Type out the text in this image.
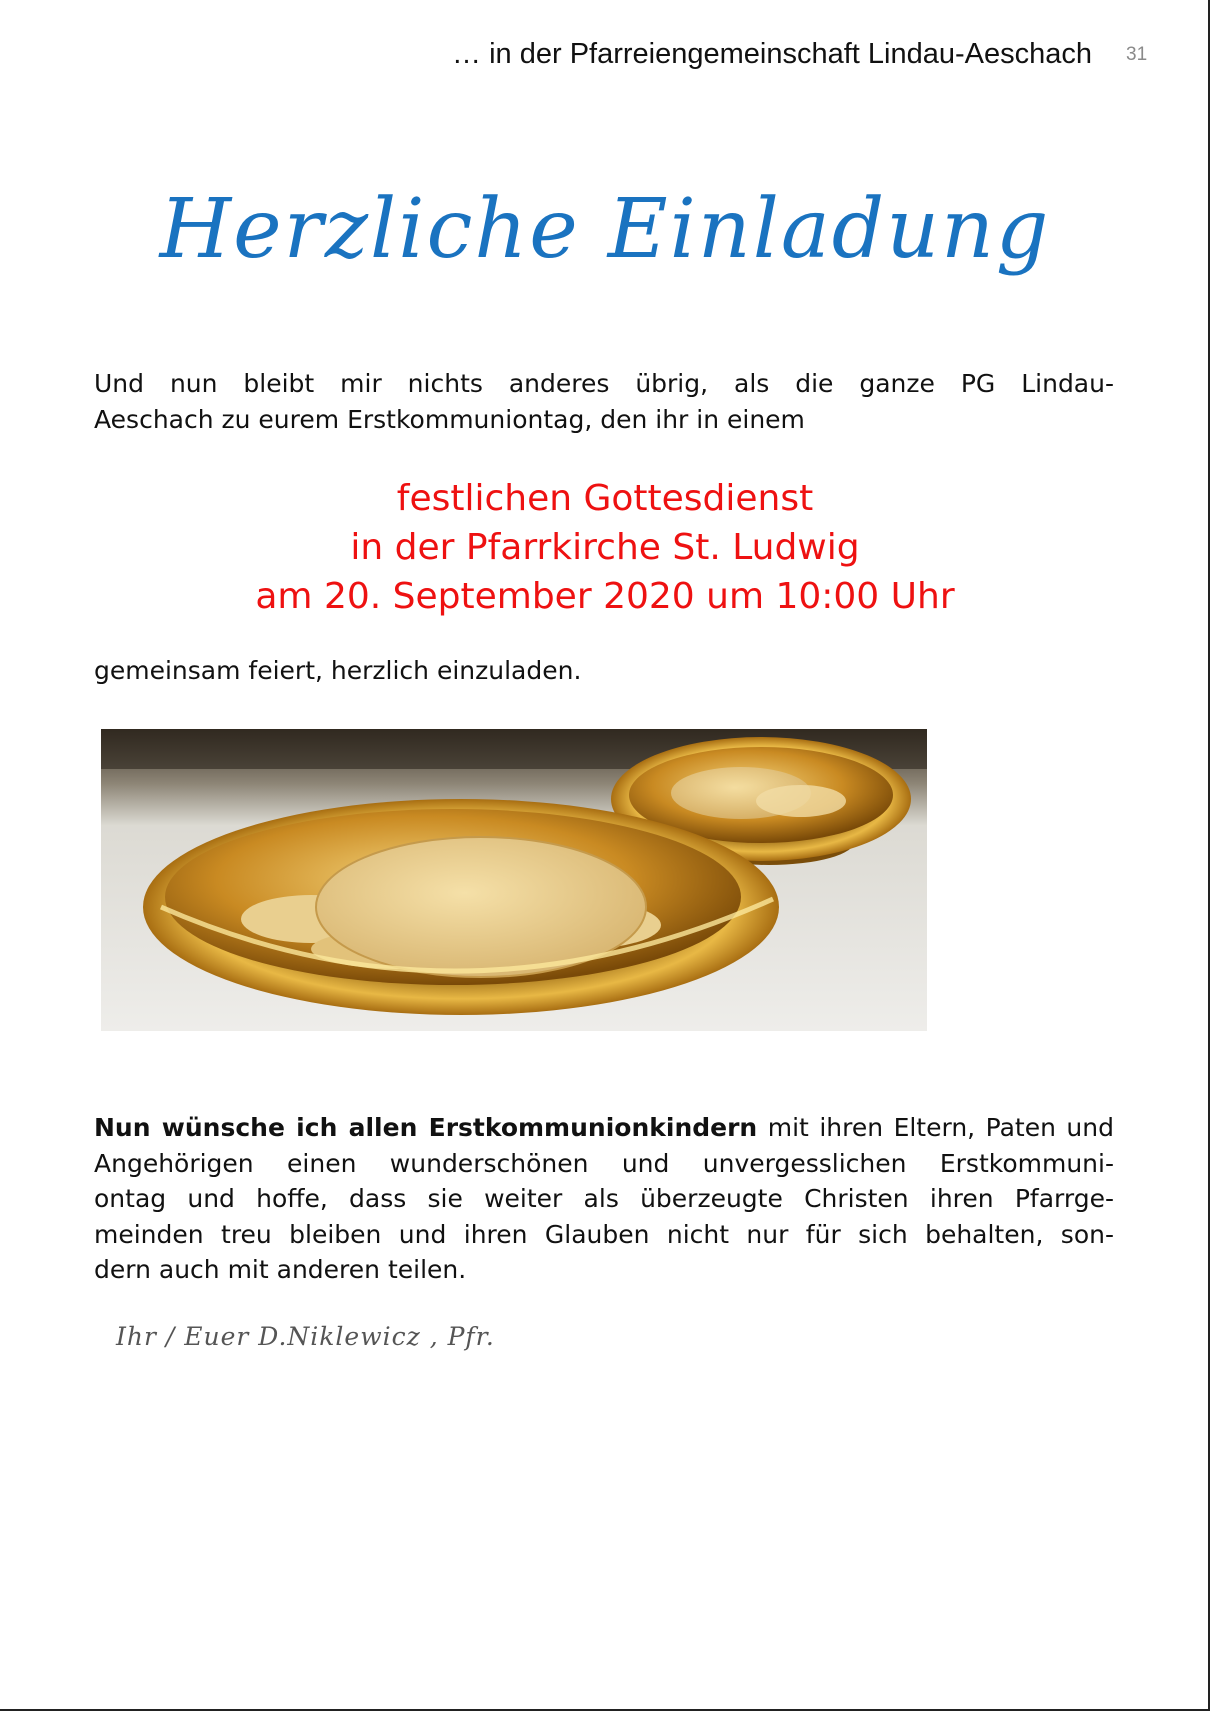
… in der Pfarreiengemeinschaft Lindau-Aeschach 31
Herzliche Einladung
Und nun bleibt mir nichts anderes übrig, als die ganze PG Lindau-
Aeschach zu eurem Erstkommuniontag, den ihr in einem
festlichen Gottesdienst
in der Pfarrkirche St. Ludwig
am 20. September 2020 um 10:00 Uhr
gemeinsam feiert, herzlich einzuladen.
Nun wünsche ich allen Erstkommunionkindern mit ihren Eltern, Paten und
Angehörigen einen wunderschönen und unvergesslichen Erstkommuni-
ontag und hoffe, dass sie weiter als überzeugte Christen ihren Pfarrge-
meinden treu bleiben und ihren Glauben nicht nur für sich behalten, son-
dern auch mit anderen teilen.
Ihr / Euer D.Niklewicz , Pfr.
